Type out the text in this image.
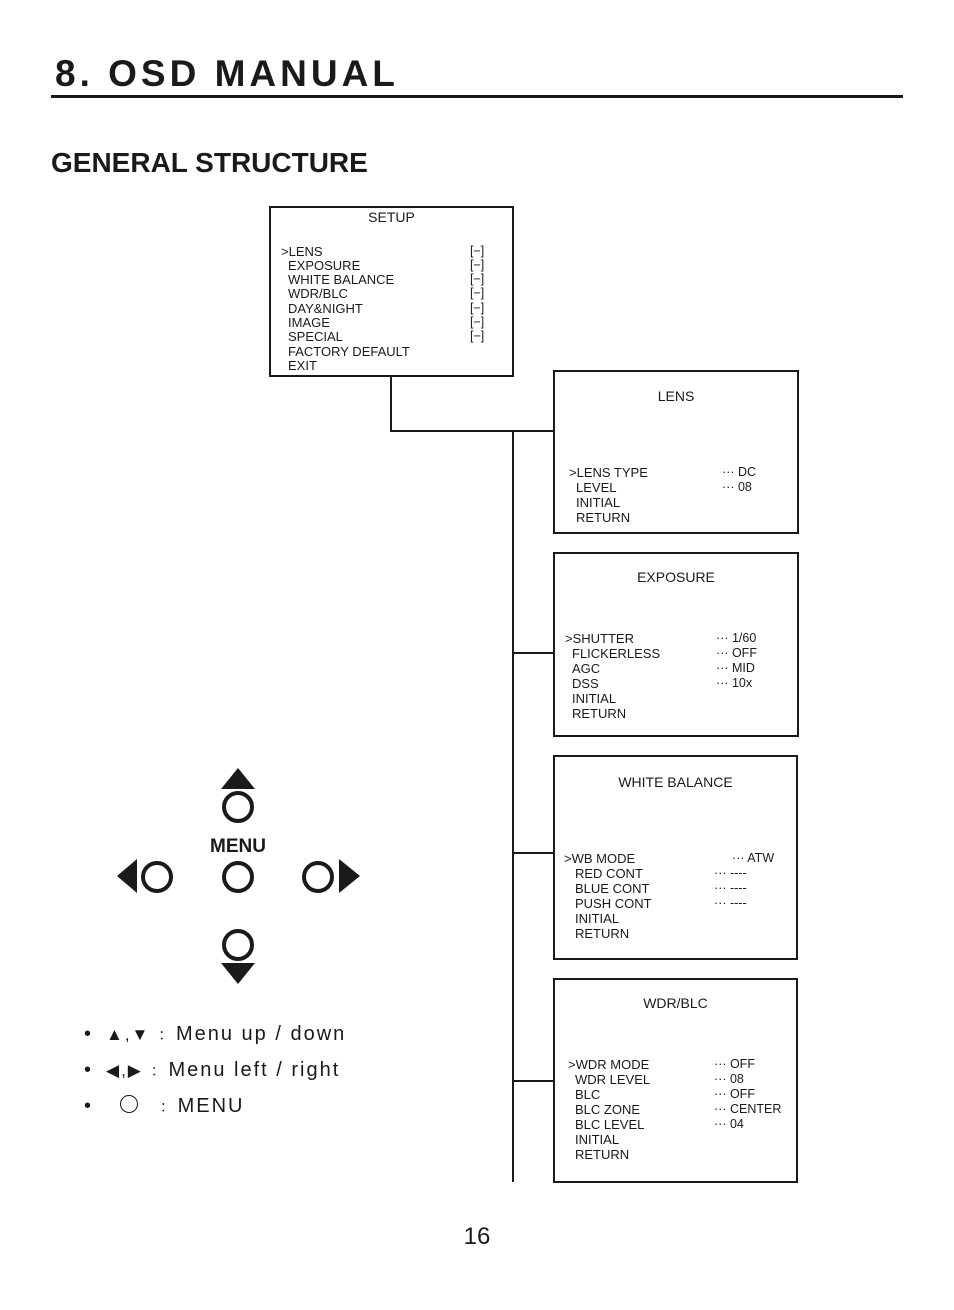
8. OSD MANUAL
GENERAL STRUCTURE
SETUP
>LENS
EXPOSURE
WHITE BALANCE
WDR/BLC
DAY&NIGHT
IMAGE
SPECIAL
FACTORY DEFAULT
EXIT
[−]
[−]
[−]
[−]
[−]
[−]
[−]
LENS
>LENS TYPE
LEVEL
INITIAL
RETURN
··· DC
··· 08
EXPOSURE
>SHUTTER
FLICKERLESS
AGC
DSS
INITIAL
RETURN
··· 1/60
··· OFF
··· MID
··· 10x
WHITE BALANCE
>WB MODE
RED CONT
BLUE CONT
PUSH CONT
INITIAL
RETURN
··· ATW
··· ----
··· ----
··· ----
WDR/BLC
>WDR MODE
WDR LEVEL
BLC
BLC ZONE
BLC LEVEL
INITIAL
RETURN
··· OFF
··· 08
··· OFF
··· CENTER
··· 04
MENU
• ▲,▼ ：Menu up / down
• ◀,▶ ：Menu left / right
•	：MENU
16
